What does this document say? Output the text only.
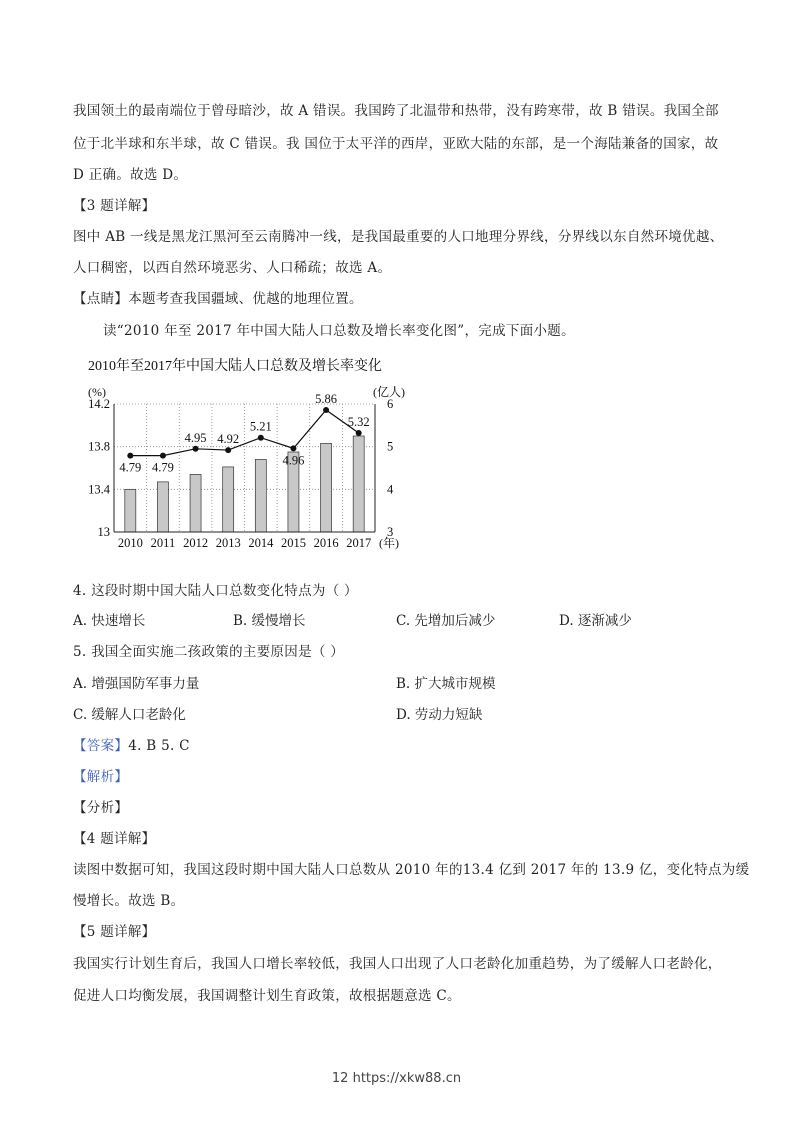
我国领土的最南端位于曾母暗沙，故 A 错误。我国跨了北温带和热带，没有跨寒带，故 B 错误。我国全部
位于北半球和东半球，故 C 错误。我 国位于太平洋的西岸，亚欧大陆的东部，是一个海陆兼备的国家，故
D 正确。故选 D。
【3 题详解】
图中 AB 一线是黑龙江黑河至云南腾冲一线，是我国最重要的人口地理分界线，分界线以东自然环境优越、
人口稠密，以西自然环境恶劣、人口稀疏；故选 A。
【点睛】本题考查我国疆域、优越的地理位置。
读“2010 年至 2017 年中国大陆人口总数及增长率变化图”，完成下面小题。
2010年至2017年中国大陆人口总数及增长率变化
(%)	(亿人)
4.79 4.79
4.95 4.92
5.21
4.96
5.86
5.32
14.2
13.8
13.4
13
6
5
4
3
2010 2011 2012 2013 2014 2015 2016 2017 (年)
4. 这段时期中国大陆人口总数变化特点为（ ）
A. 快速增长	B. 缓慢增长	C. 先增加后减少	D. 逐渐减少
5. 我国全面实施二孩政策的主要原因是（ ）
A. 增强国防军事力量	B. 扩大城市规模
C. 缓解人口老龄化	D. 劳动力短缺
【答案】4. B 5. C
【解析】
【分析】
【4 题详解】
读图中数据可知，我国这段时期中国大陆人口总数从 2010 年的13.4 亿到 2017 年的 13.9 亿，变化特点为缓
慢增长。故选 B。
【5 题详解】
我国实行计划生育后，我国人口增长率较低，我国人口出现了人口老龄化加重趋势，为了缓解人口老龄化，
促进人口均衡发展，我国调整计划生育政策，故根据题意选 C。
12 https://xkw88.cn
